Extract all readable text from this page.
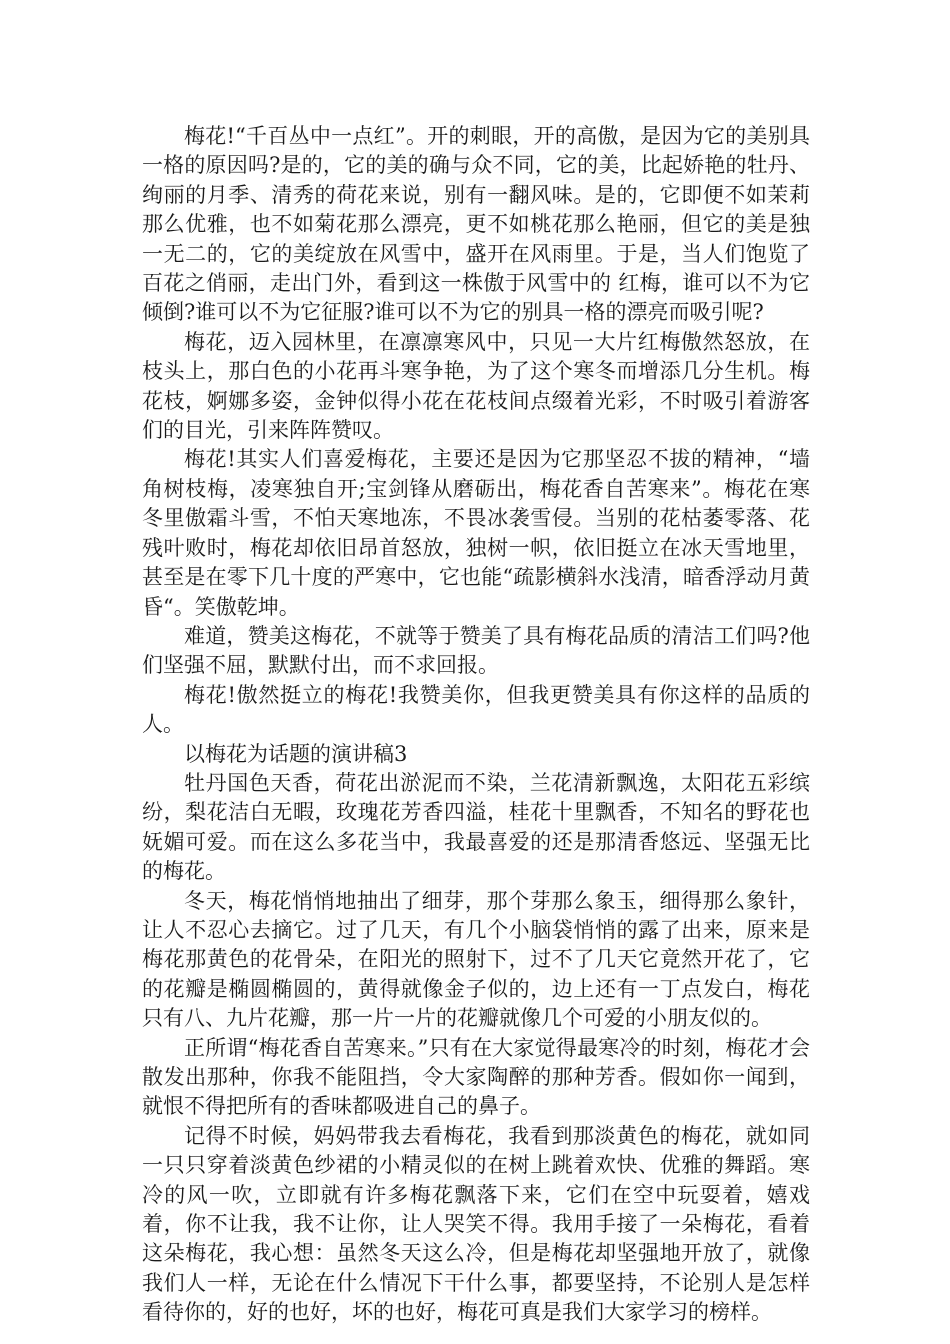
梅花!“千百丛中一点红”。开的刺眼，开的高傲，是因为它的美别具一格的原因吗?是的，它的美的确与众不同，它的美，比起娇艳的牡丹、绚丽的月季、清秀的荷花来说，别有一翻风味。是的，它即便不如茉莉那么优雅，也不如菊花那么漂亮，更不如桃花那么艳丽，但它的美是独一无二的，它的美绽放在风雪中，盛开在风雨里。于是，当人们饱览了百花之俏丽，走出门外，看到这一株傲于风雪中的 红梅，谁可以不为它倾倒?谁可以不为它征服?谁可以不为它的别具一格的漂亮而吸引呢?

梅花，迈入园林里，在凛凛寒风中，只见一大片红梅傲然怒放，在枝头上，那白色的小花再斗寒争艳，为了这个寒冬而增添几分生机。梅花枝，婀娜多姿，金钟似得小花在花枝间点缀着光彩，不时吸引着游客们的目光，引来阵阵赞叹。

梅花!其实人们喜爱梅花，主要还是因为它那坚忍不拔的精神，“墙角树枝梅，凌寒独自开;宝剑锋从磨砺出，梅花香自苦寒来”。梅花在寒冬里傲霜斗雪，不怕天寒地冻，不畏冰袭雪侵。当别的花枯萎零落、花残叶败时，梅花却依旧昂首怒放，独树一帜，依旧挺立在冰天雪地里，甚至是在零下几十度的严寒中，它也能“疏影横斜水浅清，暗香浮动月黄昏“。笑傲乾坤。

难道，赞美这梅花，不就等于赞美了具有梅花品质的清洁工们吗?他们坚强不屈，默默付出，而不求回报。

梅花!傲然挺立的梅花!我赞美你，但我更赞美具有你这样的品质的人。

以梅花为话题的演讲稿3

牡丹国色天香，荷花出淤泥而不染，兰花清新飘逸，太阳花五彩缤纷，梨花洁白无暇，玫瑰花芳香四溢，桂花十里飘香，不知名的野花也妩媚可爱。而在这么多花当中，我最喜爱的还是那清香悠远、坚强无比的梅花。

冬天，梅花悄悄地抽出了细芽，那个芽那么象玉，细得那么象针，让人不忍心去摘它。过了几天，有几个小脑袋悄悄的露了出来，原来是梅花那黄色的花骨朵，在阳光的照射下，过不了几天它竟然开花了，它的花瓣是椭圆椭圆的，黄得就像金子似的，边上还有一丁点发白，梅花只有八、九片花瓣，那一片一片的花瓣就像几个可爱的小朋友似的。

正所谓“梅花香自苦寒来。”只有在大家觉得最寒冷的时刻，梅花才会散发出那种，你我不能阻挡，令大家陶醉的那种芳香。假如你一闻到，就恨不得把所有的香味都吸进自己的鼻子。

记得不时候，妈妈带我去看梅花，我看到那淡黄色的梅花，就如同一只只穿着淡黄色纱裙的小精灵似的在树上跳着欢快、优雅的舞蹈。寒冷的风一吹，立即就有许多梅花飘落下来，它们在空中玩耍着，嬉戏着，你不让我，我不让你，让人哭笑不得。我用手接了一朵梅花，看着这朵梅花，我心想：虽然冬天这么冷，但是梅花却坚强地开放了，就像我们人一样，无论在什么情况下干什么事，都要坚持，不论别人是怎样看待你的，好的也好，坏的也好，梅花可真是我们大家学习的榜样。
